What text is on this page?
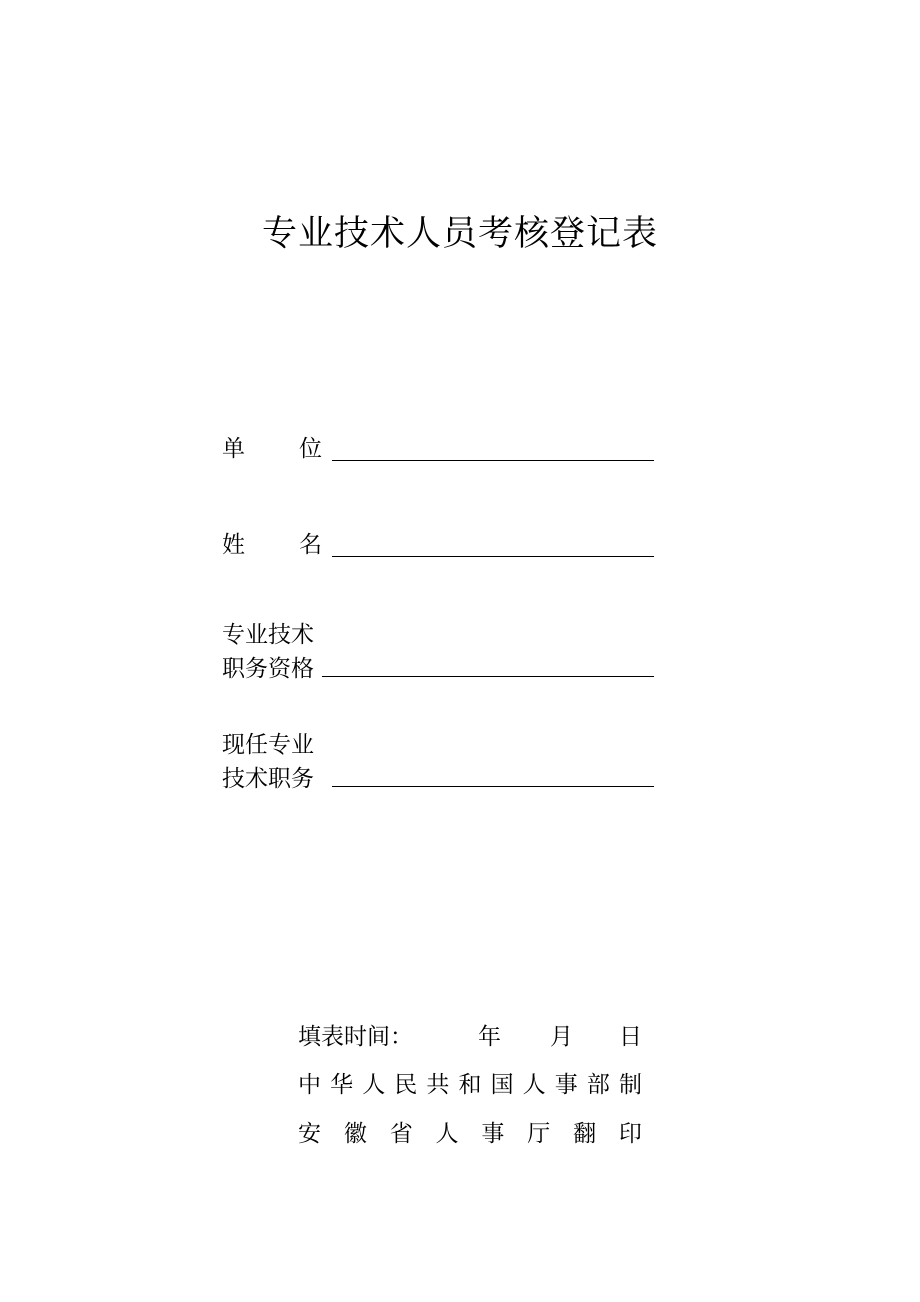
专业技术人员考核登记表
单 位
姓 名
专业技术
职务资格
现任专业
技术职务
填表时间：	年 月 日
中 华 人 民 共 和 国 人 事 部 制
安 徽 省 人 事 厅 翻 印
